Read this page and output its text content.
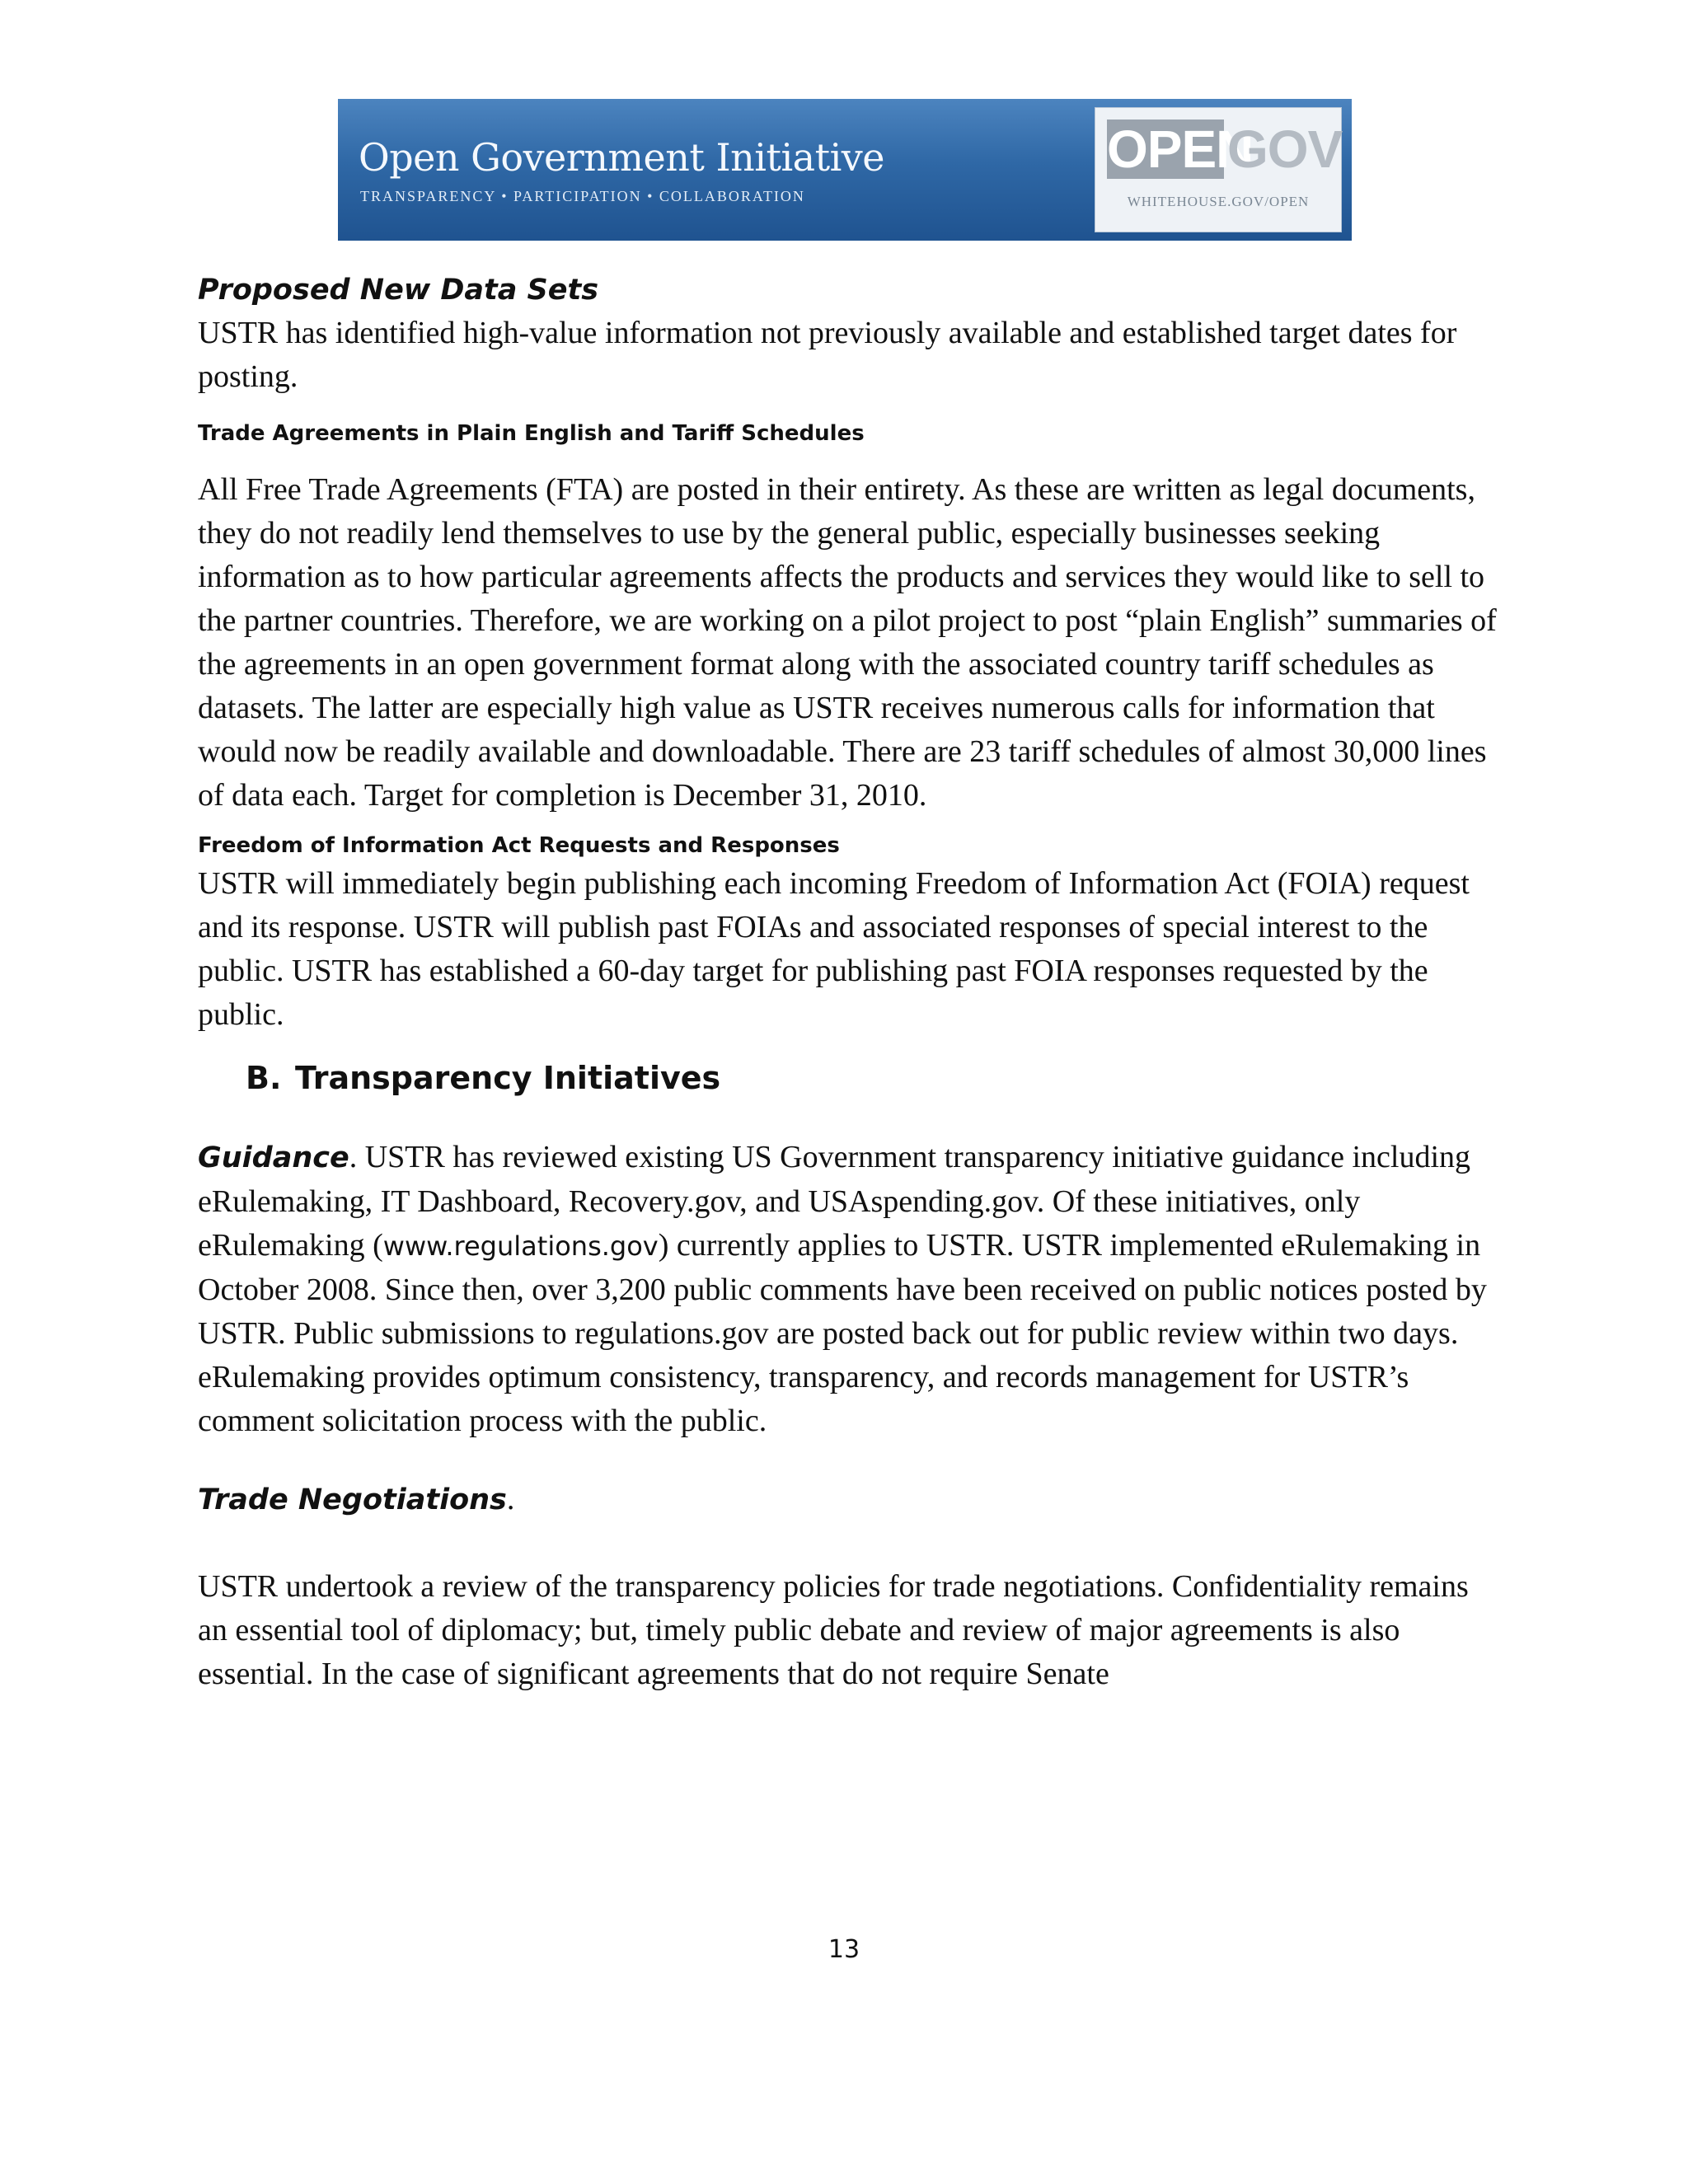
Open Government Initiative
TRANSPARENCY • PARTICIPATION • COLLABORATION
OPEN
GOV
WHITEHOUSE.GOV/OPEN
Proposed New Data Sets

USTR has identified high-value information not previously available and established target dates for posting.

Trade Agreements in Plain English and Tariff Schedules

All Free Trade Agreements (FTA) are posted in their entirety. As these are written as legal documents, they do not readily lend themselves to use by the general public, especially businesses seeking information as to how particular agreements affects the products and services they would like to sell to the partner countries. Therefore, we are working on a pilot project to post “plain English” summaries of the agreements in an open government format along with the associated country tariff schedules as datasets. The latter are especially high value as USTR receives numerous calls for information that would now be readily available and downloadable. There are 23 tariff schedules of almost 30,000 lines of data each. Target for completion is December 31, 2010.

Freedom of Information Act Requests and Responses

USTR will immediately begin publishing each incoming Freedom of Information Act (FOIA) request and its response. USTR will publish past FOIAs and associated responses of special interest to the public. USTR has established a 60-day target for publishing past FOIA responses requested by the public.

B. Transparency Initiatives

Guidance. USTR has reviewed existing US Government transparency initiative guidance including eRulemaking, IT Dashboard, Recovery.gov, and USAspending.gov. Of these initiatives, only eRulemaking (www.regulations.gov) currently applies to USTR. USTR implemented eRulemaking in October 2008. Since then, over 3,200 public comments have been received on public notices posted by USTR. Public submissions to regulations.gov are posted back out for public review within two days. eRulemaking provides optimum consistency, transparency, and records management for USTR’s comment solicitation process with the public.

Trade Negotiations.

USTR undertook a review of the transparency policies for trade negotiations. Confidentiality remains an essential tool of diplomacy; but, timely public debate and review of major agreements is also essential. In the case of significant agreements that do not require Senate

13
